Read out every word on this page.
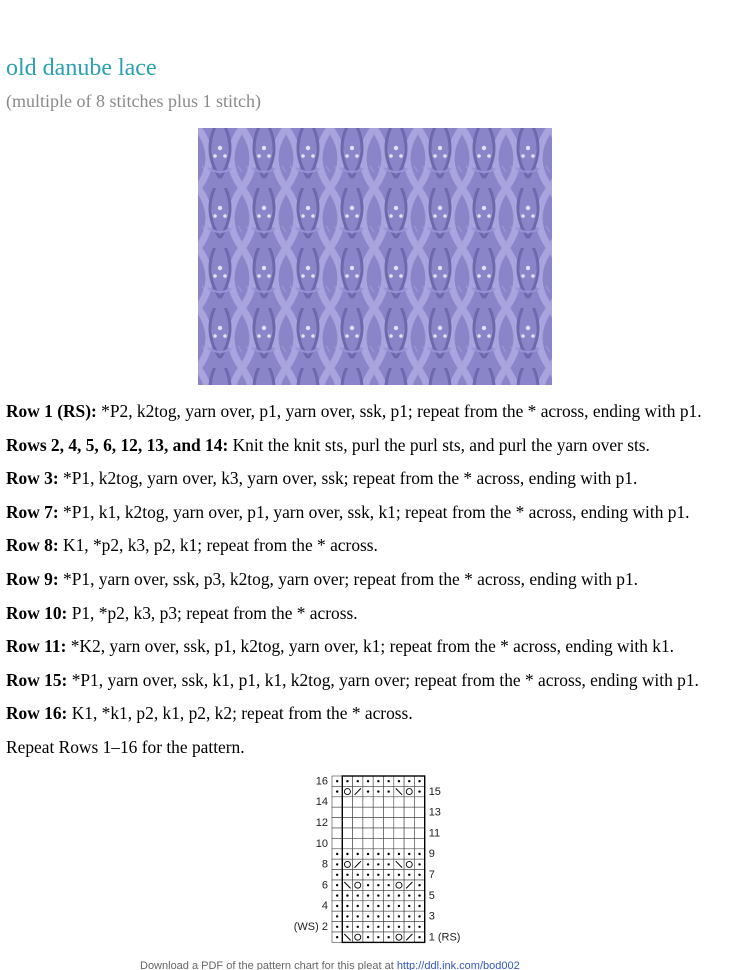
old danube lace

(multiple of 8 stitches plus 1 stitch)

Row 1 (RS): *P2, k2tog, yarn over, p1, yarn over, ssk, p1; repeat from the * across, ending with p1.
Rows 2, 4, 5, 6, 12, 13, and 14: Knit the knit sts, purl the purl sts, and purl the yarn over sts.
Row 3: *P1, k2tog, yarn over, k3, yarn over, ssk; repeat from the * across, ending with p1.
Row 7: *P1, k1, k2tog, yarn over, p1, yarn over, ssk, k1; repeat from the * across, ending with p1.
Row 8: K1, *p2, k3, p2, k1; repeat from the * across.
Row 9: *P1, yarn over, ssk, p3, k2tog, yarn over; repeat from the * across, ending with p1.
Row 10: P1, *p2, k3, p3; repeat from the * across.
Row 11: *K2, yarn over, ssk, p1, k2tog, yarn over, k1; repeat from the * across, ending with k1.
Row 15: *P1, yarn over, ssk, k1, p1, k1, k2tog, yarn over; repeat from the * across, ending with p1.
Row 16: K1, *k1, p2, k1, p2, k2; repeat from the * across.
Repeat Rows 1–16 for the pattern.
16
14
12
10
8
6
4
(WS) 2
15
13
11
9
7
5
3
1 (RS)
Download a PDF of the pattern chart for this pleat at http://ddl.ink.com/bod002
